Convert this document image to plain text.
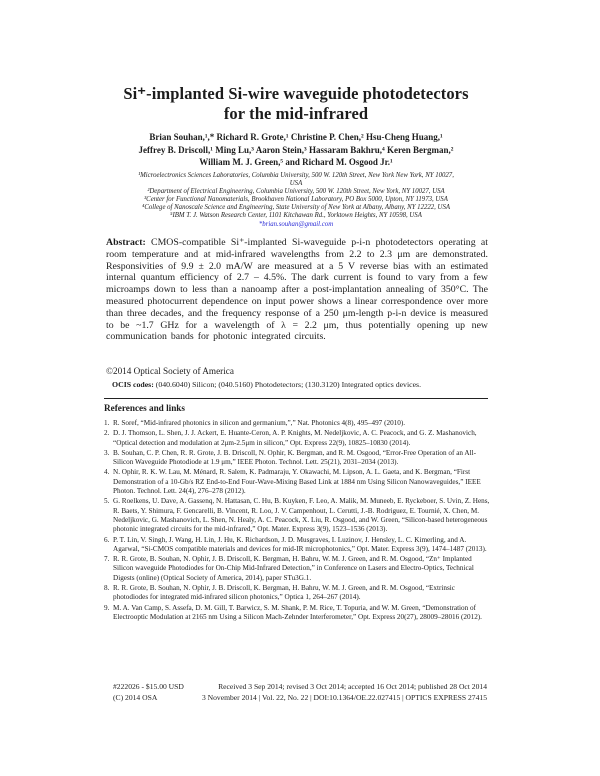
Si⁺-implanted Si-wire waveguide photodetectors
for the mid-infrared
Brian Souhan,¹,* Richard R. Grote,¹ Christine P. Chen,² Hsu-Cheng Huang,¹
Jeffrey B. Driscoll,¹ Ming Lu,³ Aaron Stein,³ Hassaram Bakhru,⁴ Keren Bergman,²
William M. J. Green,⁵ and Richard M. Osgood Jr.¹
¹Microelectronics Sciences Laboratories, Columbia University, 500 W. 120th Street, New York New York, NY 10027,
USA
²Department of Electrical Engineering, Columbia University, 500 W. 120th Street, New York, NY 10027, USA
³Center for Functional Nanomaterials, Brookhaven National Laboratory, PO Box 5000, Upton, NY 11973, USA
⁴College of Nanoscale Science and Engineering, State University of New York at Albany, Albany, NY 12222, USA
⁵IBM T. J. Watson Research Center, 1101 Kitchawan Rd., Yorktown Heights, NY 10598, USA
*brian.souhan@gmail.com
Abstract: CMOS-compatible Si⁺-implanted Si-waveguide p-i-n photodetectors operating at room temperature and at mid-infrared wavelengths from 2.2 to 2.3 μm are demonstrated. Responsivities of 9.9 ± 2.0 mA/W are measured at a 5 V reverse bias with an estimated internal quantum efficiency of 2.7 – 4.5%. The dark current is found to vary from a few microamps down to less than a nanoamp after a post-implantation annealing of 350°C. The measured photocurrent dependence on input power shows a linear correspondence over more than three decades, and the frequency response of a 250 μm-length p-i-n device is measured to be ~1.7 GHz for a wavelength of λ = 2.2 μm, thus potentially opening up new communication bands for photonic integrated circuits.
©2014 Optical Society of America
OCIS codes: (040.6040) Silicon; (040.5160) Photodetectors; (130.3120) Integrated optics devices.
References and links
1. R. Soref, “Mid-infrared photonics in silicon and germanium,”,” Nat. Photonics 4(8), 495–497 (2010).
2. D. J. Thomson, L. Shen, J. J. Ackert, E. Huante-Ceron, A. P. Knights, M. Nedeljkovic, A. C. Peacock, and G. Z. Mashanovich, “Optical detection and modulation at 2μm-2.5μm in silicon,” Opt. Express 22(9), 10825–10830 (2014).
3. B. Souhan, C. P. Chen, R. R. Grote, J. B. Driscoll, N. Ophir, K. Bergman, and R. M. Osgood, “Error-Free Operation of an All-Silicon Waveguide Photodiode at 1.9 μm,” IEEE Photon. Technol. Lett. 25(21), 2031–2034 (2013).
4. N. Ophir, R. K. W. Lau, M. Ménard, R. Salem, K. Padmaraju, Y. Okawachi, M. Lipson, A. L. Gaeta, and K. Bergman, “First Demonstration of a 10-Gb/s RZ End-to-End Four-Wave-Mixing Based Link at 1884 nm Using Silicon Nanowaveguides,” IEEE Photon. Technol. Lett. 24(4), 276–278 (2012).
5. G. Roelkens, U. Dave, A. Gassenq, N. Hattasan, C. Hu, B. Kuyken, F. Leo, A. Malik, M. Muneeb, E. Ryckeboer, S. Uvin, Z. Hens, R. Baets, Y. Shimura, F. Gencarelli, B. Vincent, R. Loo, J. V. Campenhout, L. Cerutti, J.-B. Rodriguez, E. Tournié, X. Chen, M. Nedeljkovic, G. Mashanovich, L. Shen, N. Healy, A. C. Peacock, X. Liu, R. Osgood, and W. Green, “Silicon-based heterogeneous photonic integrated circuits for the mid-infrared,” Opt. Mater. Express 3(9), 1523–1536 (2013).
6. P. T. Lin, V. Singh, J. Wang, H. Lin, J. Hu, K. Richardson, J. D. Musgraves, I. Luzinov, J. Hensley, L. C. Kimerling, and A. Agarwal, “Si-CMOS compatible materials and devices for mid-IR microphotonics,” Opt. Mater. Express 3(9), 1474–1487 (2013).
7. R. R. Grote, B. Souhan, N. Ophir, J. B. Driscoll, K. Bergman, H. Bahru, W. M. J. Green, and R. M. Osgood, “Zn⁺ Implanted Silicon waveguide Photodiodes for On-Chip Mid-Infrared Detection,” in Conference on Lasers and Electro-Optics, Technical Digests (online) (Optical Society of America, 2014), paper STu3G.1.
8. R. R. Grote, B. Souhan, N. Ophir, J. B. Driscoll, K. Bergman, H. Bahru, W. M. J. Green, and R. M. Osgood, “Extrinsic photodiodes for integrated mid-infrared silicon photonics,” Optica 1, 264–267 (2014).
9. M. A. Van Camp, S. Assefa, D. M. Gill, T. Barwicz, S. M. Shank, P. M. Rice, T. Topuria, and W. M. Green, “Demonstration of Electrooptic Modulation at 2165 nm Using a Silicon Mach-Zehnder Interferometer,” Opt. Express 20(27), 28009–28016 (2012).
#222026 - $15.00 USD	Received 3 Sep 2014; revised 3 Oct 2014; accepted 16 Oct 2014; published 28 Oct 2014
(C) 2014 OSA	3 November 2014 | Vol. 22, No. 22 | DOI:10.1364/OE.22.027415 | OPTICS EXPRESS 27415
